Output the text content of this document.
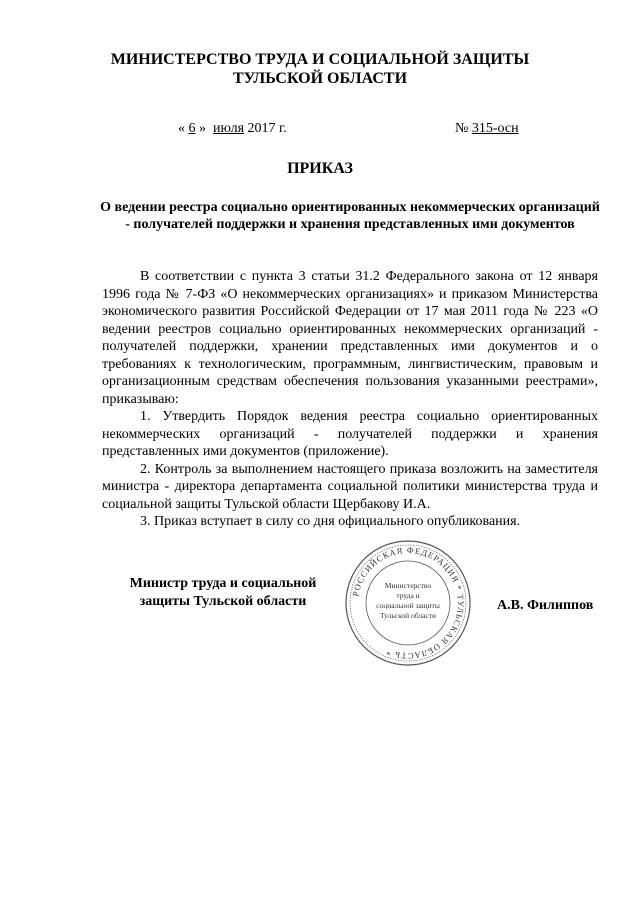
МИНИСТЕРСТВО ТРУДА И СОЦИАЛЬНОЙ ЗАЩИТЫ
ТУЛЬСКОЙ ОБЛАСТИ
« 6 » июля 2017 г.	№ 315-осн
ПРИКАЗ
О ведении реестра социально ориентированных некоммерческих организаций - получателей поддержки и хранения представленных ими документов

В соответствии с пункта 3 статьи 31.2 Федерального закона от 12 января 1996 года № 7-ФЗ «О некоммерческих организациях» и приказом Министерства экономического развития Российской Федерации от 17 мая 2011 года № 223 «О ведении реестров социально ориентированных некоммерческих организаций - получателей поддержки, хранении представленных ими документов и о требованиях к технологическим, программным, лингвистическим, правовым и организационным средствам обеспечения пользования указанными реестрами», приказываю:

1. Утвердить Порядок ведения реестра социально ориентированных некоммерческих организаций - получателей поддержки и хранения представленных ими документов (приложение).

2. Контроль за выполнением настоящего приказа возложить на заместителя министра - директора департамента социальной политики министерства труда и социальной защиты Тульской области Щербакову И.А.

3. Приказ вступает в силу со дня официального опубликования.

Министр труда и социальной
защиты Тульской области
РОССИЙСКАЯ ФЕДЕРАЦИЯ * ТУЛЬСКАЯ ОБЛАСТЬ *
Министерство
труда и
социальной защиты
Тульской области
А.В. Филиппов
